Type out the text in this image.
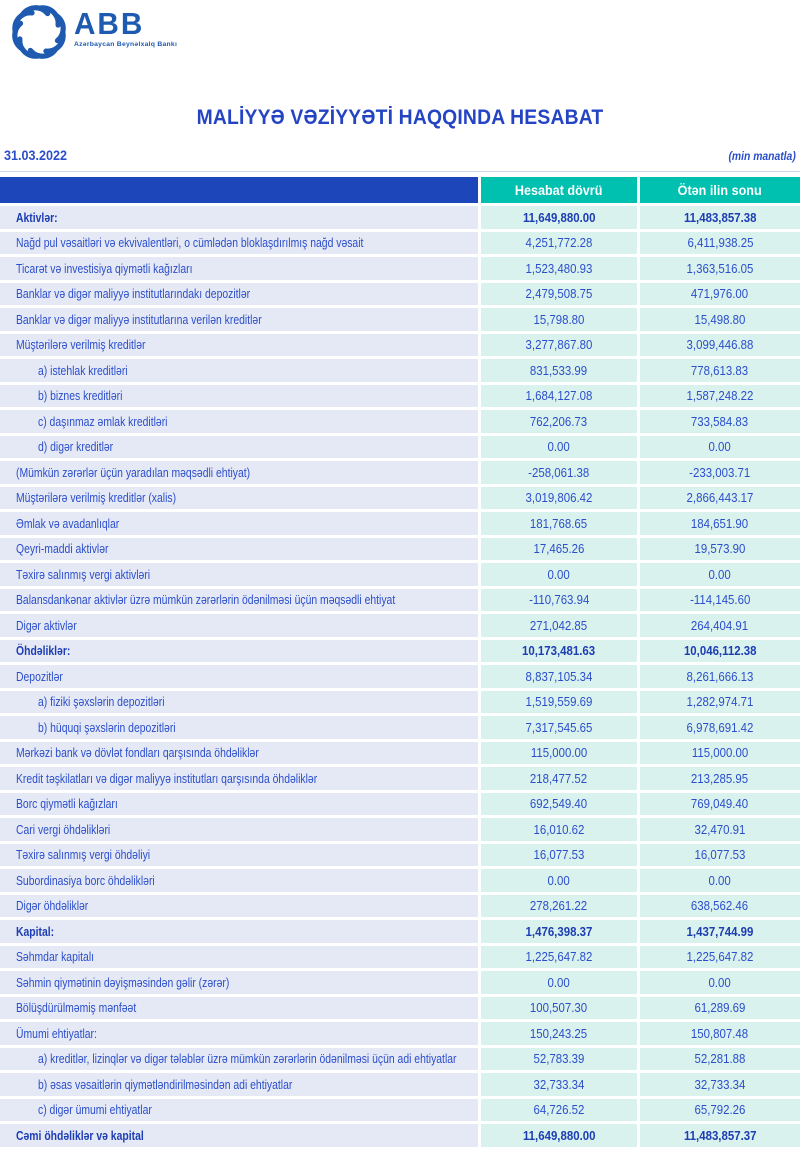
ABB
Azərbaycan Beynəlxalq Bankı
MALİYYƏ VƏZİYYƏTİ HAQQINDA HESABAT
31.03.2022	(min manatla)
Hesabat dövrü	Ötən ilin sonu
Aktivlər:	11,649,880.00	11,483,857.38
Nağd pul vəsaitləri və ekvivalentləri, o cümlədən bloklaşdırılmış nağd vəsait	4,251,772.28	6,411,938.25
Ticarət və investisiya qiymətli kağızları	1,523,480.93	1,363,516.05
Banklar və digər maliyyə institutlarındakı depozitlər	2,479,508.75	471,976.00
Banklar və digər maliyyə institutlarına verilən kreditlər	15,798.80	15,498.80
Müştərilərə verilmiş kreditlər	3,277,867.80	3,099,446.88
a) istehlak kreditləri	831,533.99	778,613.83
b) biznes kreditləri	1,684,127.08	1,587,248.22
c) daşınmaz əmlak kreditləri	762,206.73	733,584.83
d) digər kreditlər	0.00	0.00
(Mümkün zərərlər üçün yaradılan məqsədli ehtiyat)	-258,061.38	-233,003.71
Müştərilərə verilmiş kreditlər (xalis)	3,019,806.42	2,866,443.17
Əmlak və avadanlıqlar	181,768.65	184,651.90
Qeyri-maddi aktivlər	17,465.26	19,573.90
Təxirə salınmış vergi aktivləri	0.00	0.00
Balansdankənar aktivlər üzrə mümkün zərərlərin ödənilməsi üçün məqsədli ehtiyat	-110,763.94	-114,145.60
Digər aktivlər	271,042.85	264,404.91
Öhdəliklər:	10,173,481.63	10,046,112.38
Depozitlər	8,837,105.34	8,261,666.13
a) fiziki şəxslərin depozitləri	1,519,559.69	1,282,974.71
b) hüquqi şəxslərin depozitləri	7,317,545.65	6,978,691.42
Mərkəzi bank və dövlət fondları qarşısında öhdəliklər	115,000.00	115,000.00
Kredit təşkilatları və digər maliyyə institutları qarşısında öhdəliklər	218,477.52	213,285.95
Borc qiymətli kağızları	692,549.40	769,049.40
Cari vergi öhdəlikləri	16,010.62	32,470.91
Təxirə salınmış vergi öhdəliyi	16,077.53	16,077.53
Subordinasiya borc öhdəlikləri	0.00	0.00
Digər öhdəliklər	278,261.22	638,562.46
Kapital:	1,476,398.37	1,437,744.99
Səhmdar kapitalı	1,225,647.82	1,225,647.82
Səhmin qiymətinin dəyişməsindən gəlir (zərər)	0.00	0.00
Bölüşdürülməmiş mənfəət	100,507.30	61,289.69
Ümumi ehtiyatlar:	150,243.25	150,807.48
a) kreditlər, lizinqlər və digər tələblər üzrə mümkün zərərlərin ödənilməsi üçün adi ehtiyatlar	52,783.39	52,281.88
b) əsas vəsaitlərin qiymətləndirilməsindən adi ehtiyatlar	32,733.34	32,733.34
c) digər ümumi ehtiyatlar	64,726.52	65,792.26
Cəmi öhdəliklər və kapital	11,649,880.00	11,483,857.37
